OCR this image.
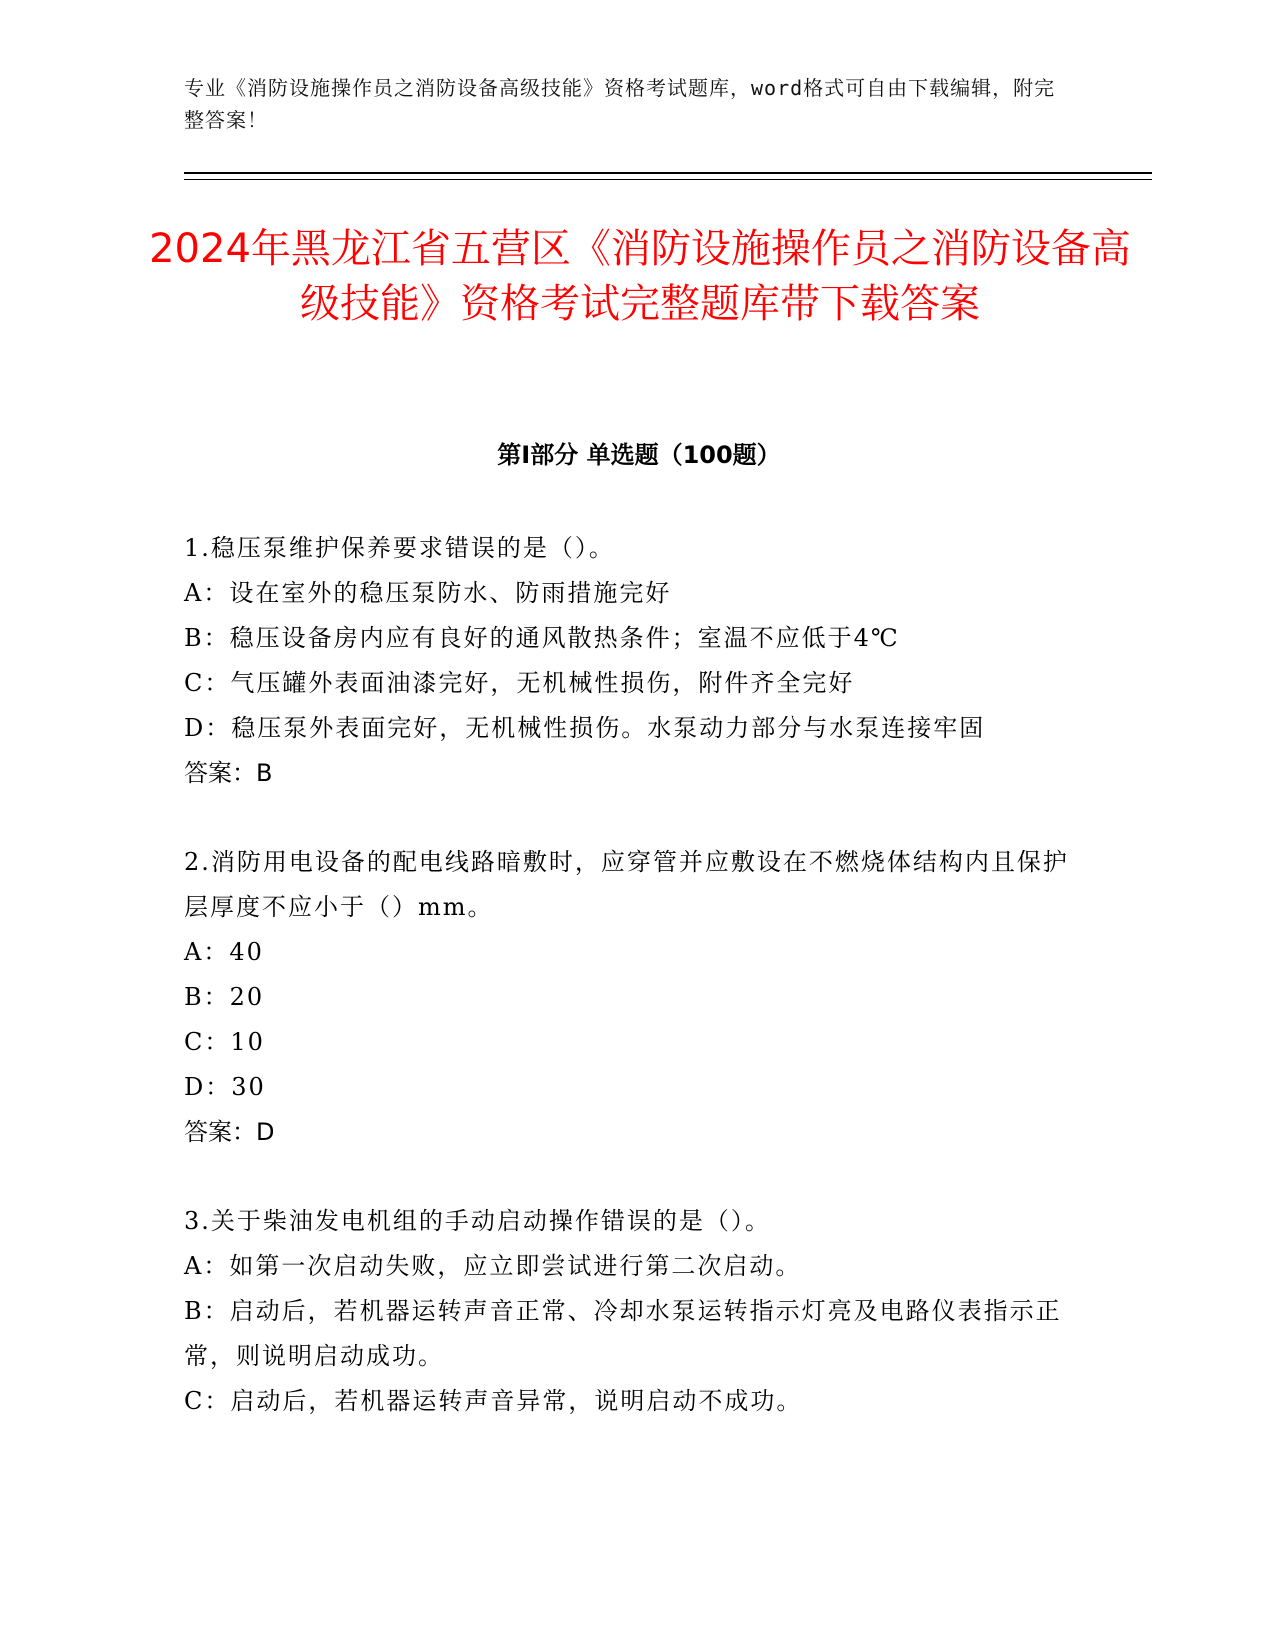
专业《消防设施操作员之消防设备高级技能》资格考试题库，word格式可自由下载编辑，附完整答案！
2024年黑龙江省五营区《消防设施操作员之消防设备高级技能》资格考试完整题库带下载答案
第Ⅰ部分 单选题（100题）

1.稳压泵维护保养要求错误的是（）。

A：设在室外的稳压泵防水、防雨措施完好

B：稳压设备房内应有良好的通风散热条件；室温不应低于4℃

C：气压罐外表面油漆完好，无机械性损伤，附件齐全完好

D：稳压泵外表面完好，无机械性损伤。水泵动力部分与水泵连接牢固

答案：B

2.消防用电设备的配电线路暗敷时，应穿管并应敷设在不燃烧体结构内且保护层厚度不应小于（）mm。

A：40

B：20

C：10

D：30

答案：D

3.关于柴油发电机组的手动启动操作错误的是（）。

A：如第一次启动失败，应立即尝试进行第二次启动。

B：启动后，若机器运转声音正常、冷却水泵运转指示灯亮及电路仪表指示正常，则说明启动成功。

C：启动后，若机器运转声音异常，说明启动不成功。
